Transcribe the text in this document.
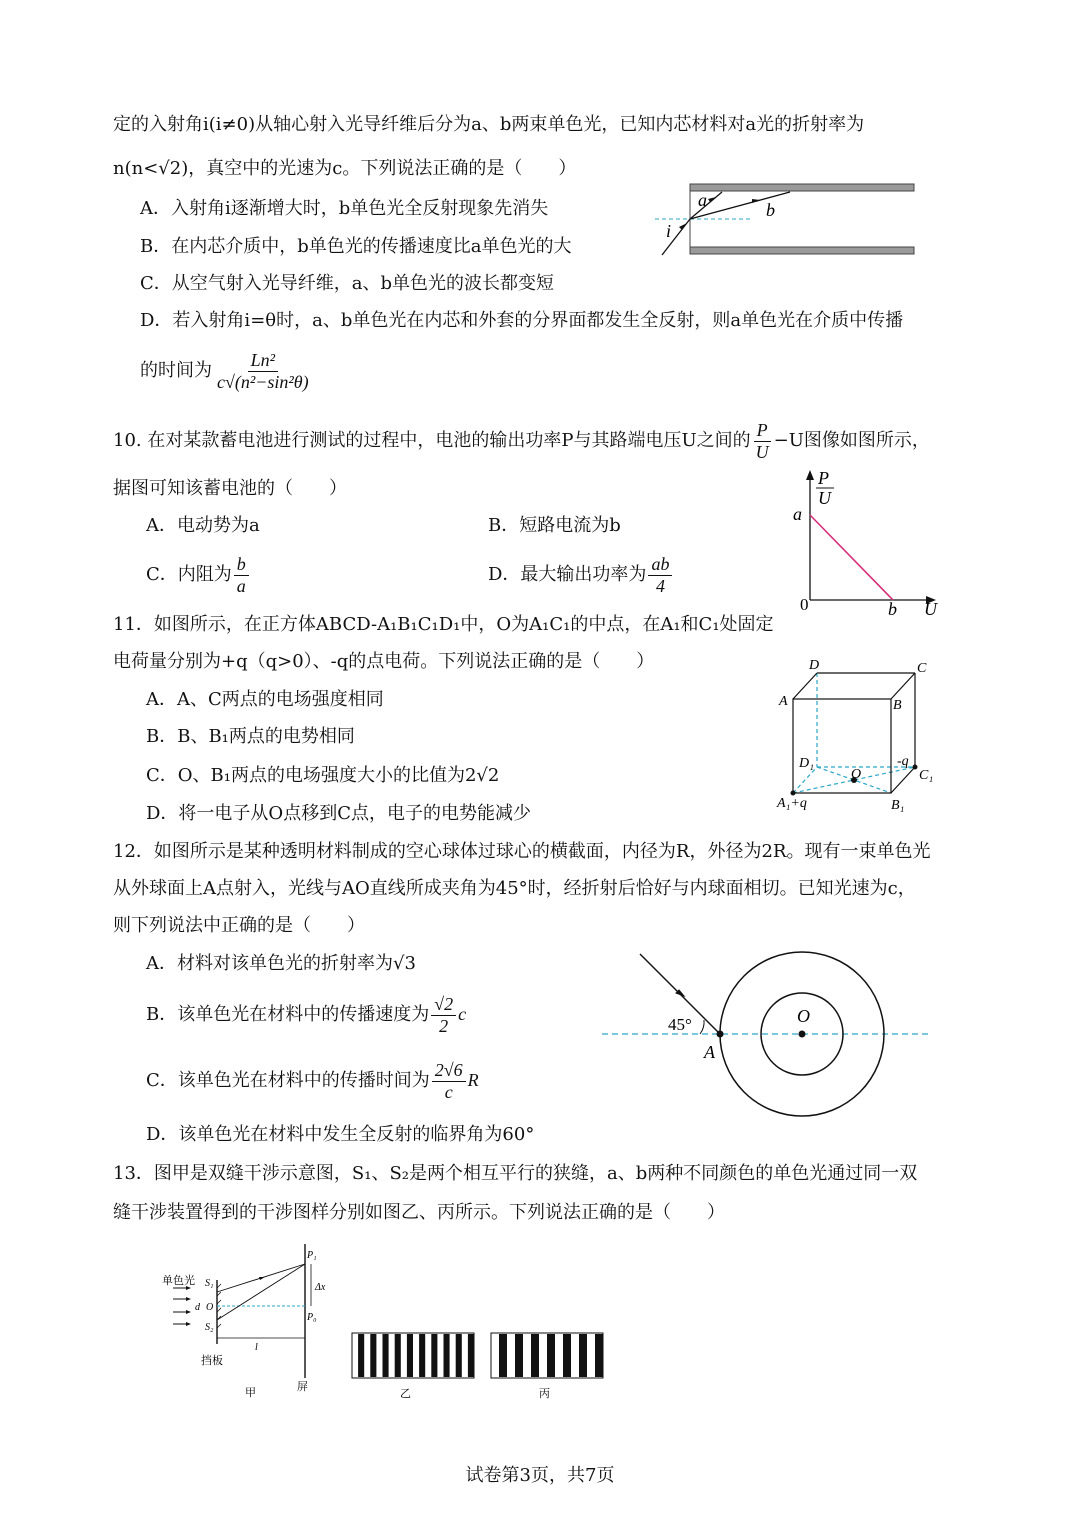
定的入射角i(i≠0)从轴心射入光导纤维后分为a、b两束单色光，已知内芯材料对a光的折射率为
n(n<√2)，真空中的光速为c。下列说法正确的是（　　）
A．入射角i逐渐增大时，b单色光全反射现象先消失
B．在内芯介质中，b单色光的传播速度比a单色光的大
C．从空气射入光导纤维，a、b单色光的波长都变短
D．若入射角i=θ时，a、b单色光在内芯和外套的分界面都发生全反射，则a单色光在介质中传播
的时间为 $\frac{\text{Ln²}}{\text{c√(n²−sin²θ)}}$
a	b
i
10. 在对某款蓄电池进行测试的过程中，电池的输出功率P与其路端电压U之间的 $\frac{P}{U} -U$图像如图所示，
据图可知该蓄电池的（　　）
A．电动势为a	B．短路电流为b
C．内阻为 $\frac{b}{a}$	D．最大输出功率为 $\frac{ab}{4}$
P
U
a
0	b U
11．如图所示，在正方体ABCD-A₁B₁C₁D₁中，O为A₁C₁的中点，在A₁和C₁处固定
电荷量分别为+q（q>0）、-q的点电荷。下列说法正确的是（　　）
A．A、C两点的电场强度相同
B．B、B₁两点的电势相同
C．O、B₁两点的电场强度大小的比值为2√2
D．将一电子从O点移到C点，电子的电势能减少
D	C
A	B
D₁
O
-q
C₁
A₁+q	B₁
12．如图所示是某种透明材料制成的空心球体过球心的横截面，内径为R，外径为2R。现有一束单色光
从外球面上A点射入，光线与AO直线所成夹角为45°时，经折射后恰好与内球面相切。已知光速为c，
则下列说法中正确的是（　　）
A．材料对该单色光的折射率为√3
B．该单色光在材料中的传播速度为 $\frac{√2}{2}$ c
C．该单色光在材料中的传播时间为 $\frac{2√6}{c}$ R
D．该单色光在材料中发生全反射的临界角为60°
45°	O
A
13．图甲是双缝干涉示意图，S₁、S₂是两个相互平行的狭缝，a、b两种不同颜色的单色光通过同一双
缝干涉装置得到的干涉图样分别如图乙、丙所示。下列说法正确的是（　　）
单色光 S₁
S₂
d O
P₁
P₀
Δx
l
挡板
屏
甲	乙	丙
试卷第3页，共7页
